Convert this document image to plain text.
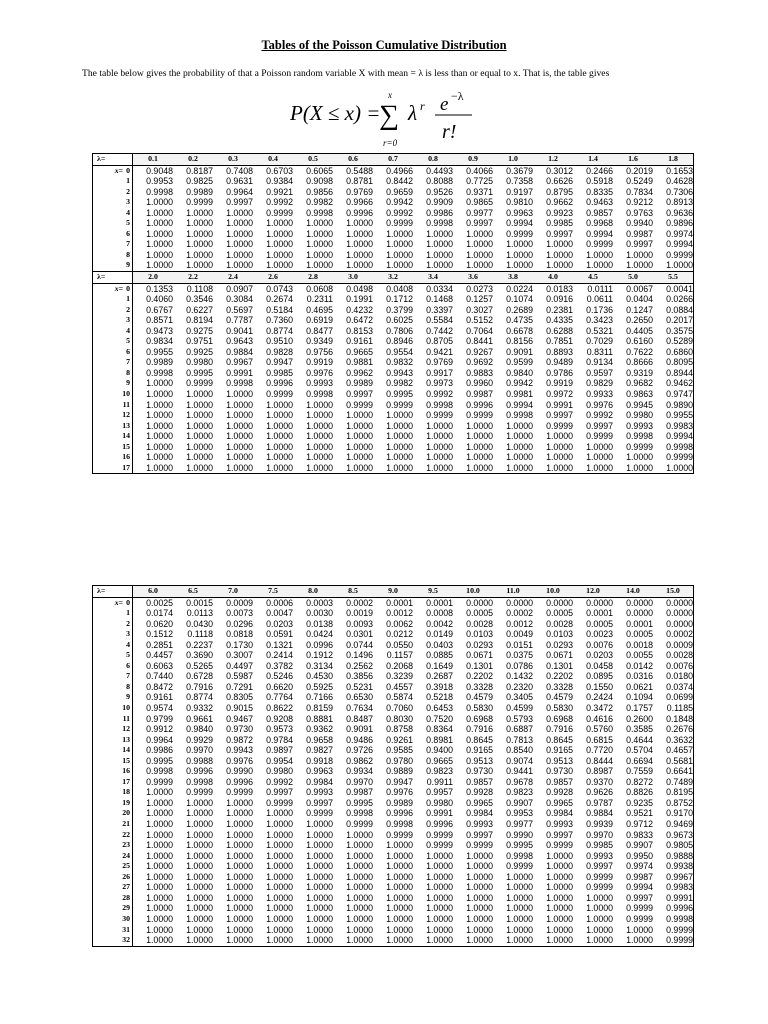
Tables of the Poisson Cumulative Distribution
The table below gives the probability of that a Poisson random variable X with mean = λ is less than or equal to x. That is, the table gives
P(X ≤ x) =
x
∑
r=0
λ r e −λ
r!
λ=	0.1	0.2	0.3	0.4	0.5	0.6	0.7	0.8	0.9	1.0	1.2	1.4	1.6	1.8
x= 0	0.9048	0.8187	0.7408	0.6703	0.6065	0.5488	0.4966	0.4493	0.4066	0.3679	0.3012	0.2466	0.2019	0.1653
1	0.9953	0.9825	0.9631	0.9384	0.9098	0.8781	0.8442	0.8088	0.7725	0.7358	0.6626	0.5918	0.5249	0.4628
2	0.9998	0.9989	0.9964	0.9921	0.9856	0.9769	0.9659	0.9526	0.9371	0.9197	0.8795	0.8335	0.7834	0.7306
3	1.0000	0.9999	0.9997	0.9992	0.9982	0.9966	0.9942	0.9909	0.9865	0.9810	0.9662	0.9463	0.9212	0.8913
4	1.0000	1.0000	1.0000	0.9999	0.9998	0.9996	0.9992	0.9986	0.9977	0.9963	0.9923	0.9857	0.9763	0.9636
5	1.0000	1.0000	1.0000	1.0000	1.0000	1.0000	0.9999	0.9998	0.9997	0.9994	0.9985	0.9968	0.9940	0.9896
6	1.0000	1.0000	1.0000	1.0000	1.0000	1.0000	1.0000	1.0000	1.0000	0.9999	0.9997	0.9994	0.9987	0.9974
7	1.0000	1.0000	1.0000	1.0000	1.0000	1.0000	1.0000	1.0000	1.0000	1.0000	1.0000	0.9999	0.9997	0.9994
8	1.0000	1.0000	1.0000	1.0000	1.0000	1.0000	1.0000	1.0000	1.0000	1.0000	1.0000	1.0000	1.0000	0.9999
9	1.0000	1.0000	1.0000	1.0000	1.0000	1.0000	1.0000	1.0000	1.0000	1.0000	1.0000	1.0000	1.0000	1.0000
λ=	2.0	2.2	2.4	2.6	2.8	3.0	3.2	3.4	3.6	3.8	4.0	4.5	5.0	5.5
x= 0	0.1353	0.1108	0.0907	0.0743	0.0608	0.0498	0.0408	0.0334	0.0273	0.0224	0.0183	0.0111	0.0067	0.0041
1	0.4060	0.3546	0.3084	0.2674	0.2311	0.1991	0.1712	0.1468	0.1257	0.1074	0.0916	0.0611	0.0404	0.0266
2	0.6767	0.6227	0.5697	0.5184	0.4695	0.4232	0.3799	0.3397	0.3027	0.2689	0.2381	0.1736	0.1247	0.0884
3	0.8571	0.8194	0.7787	0.7360	0.6919	0.6472	0.6025	0.5584	0.5152	0.4735	0.4335	0.3423	0.2650	0.2017
4	0.9473	0.9275	0.9041	0.8774	0.8477	0.8153	0.7806	0.7442	0.7064	0.6678	0.6288	0.5321	0.4405	0.3575
5	0.9834	0.9751	0.9643	0.9510	0.9349	0.9161	0.8946	0.8705	0.8441	0.8156	0.7851	0.7029	0.6160	0.5289
6	0.9955	0.9925	0.9884	0.9828	0.9756	0.9665	0.9554	0.9421	0.9267	0.9091	0.8893	0.8311	0.7622	0.6860
7	0.9989	0.9980	0.9967	0.9947	0.9919	0.9881	0.9832	0.9769	0.9692	0.9599	0.9489	0.9134	0.8666	0.8095
8	0.9998	0.9995	0.9991	0.9985	0.9976	0.9962	0.9943	0.9917	0.9883	0.9840	0.9786	0.9597	0.9319	0.8944
9	1.0000	0.9999	0.9998	0.9996	0.9993	0.9989	0.9982	0.9973	0.9960	0.9942	0.9919	0.9829	0.9682	0.9462
10	1.0000	1.0000	1.0000	0.9999	0.9998	0.9997	0.9995	0.9992	0.9987	0.9981	0.9972	0.9933	0.9863	0.9747
11	1.0000	1.0000	1.0000	1.0000	1.0000	0.9999	0.9999	0.9998	0.9996	0.9994	0.9991	0.9976	0.9945	0.9890
12	1.0000	1.0000	1.0000	1.0000	1.0000	1.0000	1.0000	0.9999	0.9999	0.9998	0.9997	0.9992	0.9980	0.9955
13	1.0000	1.0000	1.0000	1.0000	1.0000	1.0000	1.0000	1.0000	1.0000	1.0000	0.9999	0.9997	0.9993	0.9983
14	1.0000	1.0000	1.0000	1.0000	1.0000	1.0000	1.0000	1.0000	1.0000	1.0000	1.0000	0.9999	0.9998	0.9994
15	1.0000	1.0000	1.0000	1.0000	1.0000	1.0000	1.0000	1.0000	1.0000	1.0000	1.0000	1.0000	0.9999	0.9998
16	1.0000	1.0000	1.0000	1.0000	1.0000	1.0000	1.0000	1.0000	1.0000	1.0000	1.0000	1.0000	1.0000	0.9999
17	1.0000	1.0000	1.0000	1.0000	1.0000	1.0000	1.0000	1.0000	1.0000	1.0000	1.0000	1.0000	1.0000	1.0000
λ=	6.0	6.5	7.0	7.5	8.0	8.5	9.0	9.5	10.0	11.0	10.0	12.0	14.0	15.0
x= 0	0.0025	0.0015	0.0009	0.0006	0.0003	0.0002	0.0001	0.0001	0.0000	0.0000	0.0000	0.0000	0.0000	0.0000
1	0.0174	0.0113	0.0073	0.0047	0.0030	0.0019	0.0012	0.0008	0.0005	0.0002	0.0005	0.0001	0.0000	0.0000
2	0.0620	0.0430	0.0296	0.0203	0.0138	0.0093	0.0062	0.0042	0.0028	0.0012	0.0028	0.0005	0.0001	0.0000
3	0.1512	0.1118	0.0818	0.0591	0.0424	0.0301	0.0212	0.0149	0.0103	0.0049	0.0103	0.0023	0.0005	0.0002
4	0.2851	0.2237	0.1730	0.1321	0.0996	0.0744	0.0550	0.0403	0.0293	0.0151	0.0293	0.0076	0.0018	0.0009
5	0.4457	0.3690	0.3007	0.2414	0.1912	0.1496	0.1157	0.0885	0.0671	0.0375	0.0671	0.0203	0.0055	0.0028
6	0.6063	0.5265	0.4497	0.3782	0.3134	0.2562	0.2068	0.1649	0.1301	0.0786	0.1301	0.0458	0.0142	0.0076
7	0.7440	0.6728	0.5987	0.5246	0.4530	0.3856	0.3239	0.2687	0.2202	0.1432	0.2202	0.0895	0.0316	0.0180
8	0.8472	0.7916	0.7291	0.6620	0.5925	0.5231	0.4557	0.3918	0.3328	0.2320	0.3328	0.1550	0.0621	0.0374
9	0.9161	0.8774	0.8305	0.7764	0.7166	0.6530	0.5874	0.5218	0.4579	0.3405	0.4579	0.2424	0.1094	0.0699
10	0.9574	0.9332	0.9015	0.8622	0.8159	0.7634	0.7060	0.6453	0.5830	0.4599	0.5830	0.3472	0.1757	0.1185
11	0.9799	0.9661	0.9467	0.9208	0.8881	0.8487	0.8030	0.7520	0.6968	0.5793	0.6968	0.4616	0.2600	0.1848
12	0.9912	0.9840	0.9730	0.9573	0.9362	0.9091	0.8758	0.8364	0.7916	0.6887	0.7916	0.5760	0.3585	0.2676
13	0.9964	0.9929	0.9872	0.9784	0.9658	0.9486	0.9261	0.8981	0.8645	0.7813	0.8645	0.6815	0.4644	0.3632
14	0.9986	0.9970	0.9943	0.9897	0.9827	0.9726	0.9585	0.9400	0.9165	0.8540	0.9165	0.7720	0.5704	0.4657
15	0.9995	0.9988	0.9976	0.9954	0.9918	0.9862	0.9780	0.9665	0.9513	0.9074	0.9513	0.8444	0.6694	0.5681
16	0.9998	0.9996	0.9990	0.9980	0.9963	0.9934	0.9889	0.9823	0.9730	0.9441	0.9730	0.8987	0.7559	0.6641
17	0.9999	0.9998	0.9996	0.9992	0.9984	0.9970	0.9947	0.9911	0.9857	0.9678	0.9857	0.9370	0.8272	0.7489
18	1.0000	0.9999	0.9999	0.9997	0.9993	0.9987	0.9976	0.9957	0.9928	0.9823	0.9928	0.9626	0.8826	0.8195
19	1.0000	1.0000	1.0000	0.9999	0.9997	0.9995	0.9989	0.9980	0.9965	0.9907	0.9965	0.9787	0.9235	0.8752
20	1.0000	1.0000	1.0000	1.0000	0.9999	0.9998	0.9996	0.9991	0.9984	0.9953	0.9984	0.9884	0.9521	0.9170
21	1.0000	1.0000	1.0000	1.0000	1.0000	0.9999	0.9998	0.9996	0.9993	0.9977	0.9993	0.9939	0.9712	0.9469
22	1.0000	1.0000	1.0000	1.0000	1.0000	1.0000	0.9999	0.9999	0.9997	0.9990	0.9997	0.9970	0.9833	0.9673
23	1.0000	1.0000	1.0000	1.0000	1.0000	1.0000	1.0000	0.9999	0.9999	0.9995	0.9999	0.9985	0.9907	0.9805
24	1.0000	1.0000	1.0000	1.0000	1.0000	1.0000	1.0000	1.0000	1.0000	0.9998	1.0000	0.9993	0.9950	0.9888
25	1.0000	1.0000	1.0000	1.0000	1.0000	1.0000	1.0000	1.0000	1.0000	0.9999	1.0000	0.9997	0.9974	0.9938
26	1.0000	1.0000	1.0000	1.0000	1.0000	1.0000	1.0000	1.0000	1.0000	1.0000	1.0000	0.9999	0.9987	0.9967
27	1.0000	1.0000	1.0000	1.0000	1.0000	1.0000	1.0000	1.0000	1.0000	1.0000	1.0000	0.9999	0.9994	0.9983
28	1.0000	1.0000	1.0000	1.0000	1.0000	1.0000	1.0000	1.0000	1.0000	1.0000	1.0000	1.0000	0.9997	0.9991
29	1.0000	1.0000	1.0000	1.0000	1.0000	1.0000	1.0000	1.0000	1.0000	1.0000	1.0000	1.0000	0.9999	0.9996
30	1.0000	1.0000	1.0000	1.0000	1.0000	1.0000	1.0000	1.0000	1.0000	1.0000	1.0000	1.0000	0.9999	0.9998
31	1.0000	1.0000	1.0000	1.0000	1.0000	1.0000	1.0000	1.0000	1.0000	1.0000	1.0000	1.0000	1.0000	0.9999
32	1.0000	1.0000	1.0000	1.0000	1.0000	1.0000	1.0000	1.0000	1.0000	1.0000	1.0000	1.0000	1.0000	0.9999
